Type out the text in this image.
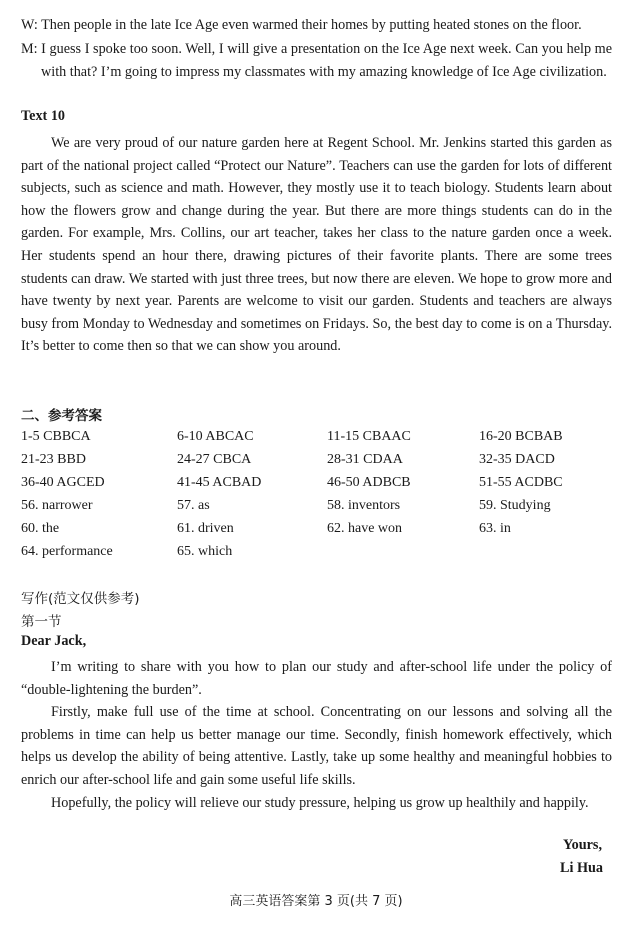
W: Then people in the late Ice Age even warmed their homes by putting heated stones on the floor.

M: I guess I spoke too soon. Well, I will give a presentation on the Ice Age next week. Can you help me with that? I’m going to impress my classmates with my amazing knowledge of Ice Age civilization.

Text 10

We are very proud of our nature garden here at Regent School. Mr. Jenkins started this garden as part of the national project called “Protect our Nature”. Teachers can use the garden for lots of different subjects, such as science and math. However, they mostly use it to teach biology. Students learn about how the flowers grow and change during the year. But there are more things students can do in the garden. For example, Mrs. Collins, our art teacher, takes her class to the nature garden once a week. Her students spend an hour there, drawing pictures of their favorite plants. There are some trees students can draw. We started with just three trees, but now there are eleven. We hope to grow more and have twenty by next year. Parents are welcome to visit our garden. Students and teachers are always busy from Monday to Wednesday and sometimes on Fridays. So, the best day to come is on a Thursday. It’s better to come then so that we can show you around.

二、参考答案

1-5 CBBCA	6-10 ABCAC	11-15 CBAAC	16-20 BCBAB
21-23 BBD	24-27 CBCA	28-31 CDAA	32-35 DACD
36-40 AGCED	41-45 ACBAD	46-50 ADBCB	51-55 ACDBC
56. narrower	57. as	58. inventors	59. Studying
60. the	61. driven	62. have won	63. in
64. performance	65. which

写作(范文仅供参考)

第一节

Dear Jack,

I’m writing to share with you how to plan our study and after-school life under the policy of “double-lightening the burden”.

Firstly, make full use of the time at school. Concentrating on our lessons and solving all the problems in time can help us better manage our time. Secondly, finish homework effectively, which helps us develop the ability of being attentive. Lastly, take up some healthy and meaningful hobbies to enrich our after-school life and gain some useful life skills.

Hopefully, the policy will relieve our study pressure, helping us grow up healthily and happily.

Yours,

Li Hua

高三英语答案第 3 页(共 7 页)
